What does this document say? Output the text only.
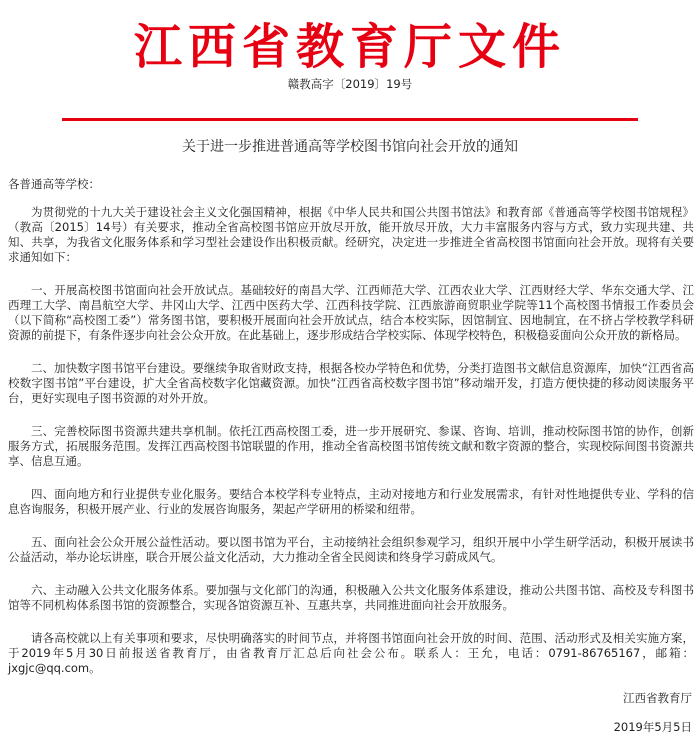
江西省教育厅文件
赣教高字〔2019〕19号
关于进一步推进普通高等学校图书馆向社会开放的通知
各普通高等学校：

为贯彻党的十九大关于建设社会主义文化强国精神，根据《中华人民共和国公共图书馆法》和教育部《普通高等学校图书馆规程》（教高〔2015〕14号）有关要求，推动全省高校图书馆应开放尽开放，能开放尽开放，大力丰富服务内容与方式，致力实现共建、共知、共享，为我省文化服务体系和学习型社会建设作出积极贡献。经研究，决定进一步推进全省高校图书馆面向社会开放。现将有关要求通知如下：

一、开展高校图书馆面向社会开放试点。基础较好的南昌大学、江西师范大学、江西农业大学、江西财经大学、华东交通大学、江西理工大学、南昌航空大学、井冈山大学、江西中医药大学、江西科技学院、江西旅游商贸职业学院等11个高校图书情报工作委员会（以下简称“高校图工委”）常务图书馆，要积极开展面向社会开放试点，结合本校实际，因馆制宜、因地制宜，在不挤占学校教学科研资源的前提下，有条件逐步向社会公众开放。在此基础上，逐步形成结合学校实际、体现学校特色，积极稳妥面向公众开放的新格局。

二、加快数字图书馆平台建设。要继续争取省财政支持，根据各校办学特色和优势，分类打造图书文献信息资源库，加快“江西省高校数字图书馆”平台建设，扩大全省高校数字化馆藏资源。加快“江西省高校数字图书馆”移动端开发，打造方便快捷的移动阅读服务平台，更好实现电子图书资源的对外开放。

三、完善校际图书资源共建共享机制。依托江西高校图工委，进一步开展研究、参谋、咨询、培训，推动校际图书馆的协作，创新服务方式，拓展服务范围。发挥江西高校图书馆联盟的作用，推动全省高校图书馆传统文献和数字资源的整合，实现校际间图书资源共享、信息互通。

四、面向地方和行业提供专业化服务。要结合本校学科专业特点，主动对接地方和行业发展需求，有针对性地提供专业、学科的信息咨询服务，积极开展产业、行业的发展咨询服务，架起产学研用的桥梁和纽带。

五、面向社会公众开展公益性活动。要以图书馆为平台，主动接纳社会组织参观学习，组织开展中小学生研学活动，积极开展读书公益活动，举办论坛讲座，联合开展公益文化活动，大力推动全省全民阅读和终身学习蔚成风气。

六、主动融入公共文化服务体系。要加强与文化部门的沟通，积极融入公共文化服务体系建设，推动公共图书馆、高校及专科图书馆等不同机构体系图书馆的资源整合，实现各馆资源互补、互惠共享，共同推进面向社会开放服务。

请各高校就以上有关事项和要求，尽快明确落实的时间节点，并将图书馆面向社会开放的时间、范围、活动形式及相关实施方案，于2019年5月30日前报送省教育厅，由省教育厅汇总后向社会公布。联系人：王允，电话：0791-86765167，邮箱：jxgjc@qq.com。

江西省教育厅
2019年5月5日
